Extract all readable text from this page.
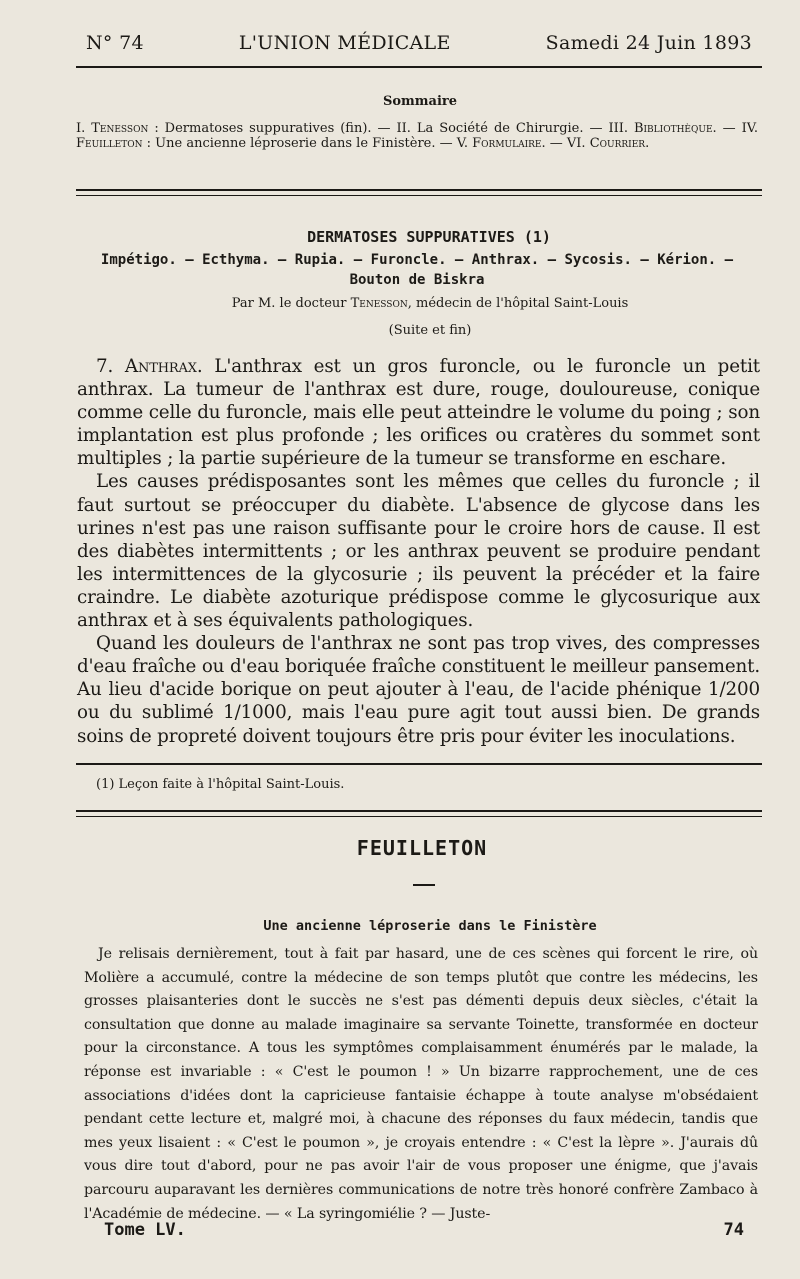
N° 74	L'UNION MÉDICALE	Samedi 24 Juin 1893
Sommaire
I. Tenesson : Dermatoses suppuratives (fin). — II. La Société de Chirurgie. — III. Bibliothèque. — IV. Feuilleton : Une ancienne léproserie dans le Finistère. — V. Formulaire. — VI. Courrier.
DERMATOSES SUPPURATIVES (1)
Impétigo. — Ecthyma. — Rupia. — Furoncle. — Anthrax. — Sycosis. — Kérion. — Bouton de Biskra
Par M. le docteur Tenesson, médecin de l'hôpital Saint-Louis
(Suite et fin)

7. Anthrax. L'anthrax est un gros furoncle, ou le furoncle un petit anthrax. La tumeur de l'anthrax est dure, rouge, douloureuse, conique comme celle du furoncle, mais elle peut atteindre le volume du poing ; son implantation est plus profonde ; les orifices ou cratères du sommet sont multiples ; la partie supérieure de la tumeur se transforme en eschare.

Les causes prédisposantes sont les mêmes que celles du furoncle ; il faut surtout se préoccuper du diabète. L'absence de glycose dans les urines n'est pas une raison suffisante pour le croire hors de cause. Il est des diabètes intermittents ; or les anthrax peuvent se produire pendant les intermittences de la glycosurie ; ils peuvent la précéder et la faire craindre. Le diabète azoturique prédispose comme le glycosurique aux anthrax et à ses équivalents pathologiques.

Quand les douleurs de l'anthrax ne sont pas trop vives, des compresses d'eau fraîche ou d'eau boriquée fraîche constituent le meilleur pansement. Au lieu d'acide borique on peut ajouter à l'eau, de l'acide phénique 1/200 ou du sublimé 1/1000, mais l'eau pure agit tout aussi bien. De grands soins de propreté doivent toujours être pris pour éviter les inoculations.

(1) Leçon faite à l'hôpital Saint-Louis.
FEUILLETON
Une ancienne léproserie dans le Finistère

Je relisais dernièrement, tout à fait par hasard, une de ces scènes qui forcent le rire, où Molière a accumulé, contre la médecine de son temps plutôt que contre les médecins, les grosses plaisanteries dont le succès ne s'est pas démenti depuis deux siècles, c'était la consultation que donne au malade imaginaire sa servante Toinette, transformée en docteur pour la circonstance. A tous les symptômes complaisamment énumérés par le malade, la réponse est invariable : « C'est le poumon ! » Un bizarre rapprochement, une de ces associations d'idées dont la capricieuse fantaisie échappe à toute analyse m'obsédaient pendant cette lecture et, malgré moi, à chacune des réponses du faux médecin, tandis que mes yeux lisaient : « C'est le poumon », je croyais entendre : « C'est la lèpre ». J'aurais dû vous dire tout d'abord, pour ne pas avoir l'air de vous proposer une énigme, que j'avais parcouru auparavant les dernières communications de notre très honoré confrère Zambaco à l'Académie de médecine. — « La syringomiélie ? — Juste-

Tome LV.	74
